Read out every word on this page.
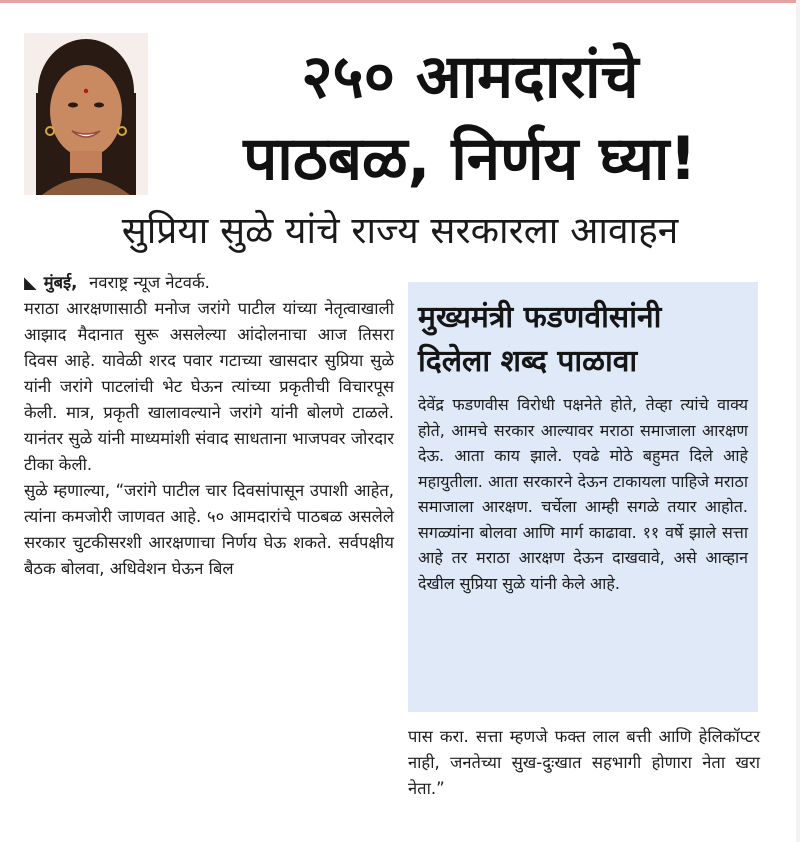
२५० आमदारांचे
पाठबळ, निर्णय घ्या!
सुप्रिया सुळे यांचे राज्य सरकारला आवाहन

◣ मुंबई, नवराष्ट्र न्यूज नेटवर्क.

मराठा आरक्षणासाठी मनोज जरांगे पाटील यांच्या नेतृत्वाखाली आझाद मैदानात सुरू असलेल्या आंदोलनाचा आज तिसरा दिवस आहे. यावेळी शरद पवार गटाच्या खासदार सुप्रिया सुळे यांनी जरांगे पाटलांची भेट घेऊन त्यांच्या प्रकृतीची विचारपूस केली. मात्र, प्रकृती खालावल्याने जरांगे यांनी बोलणे टाळले. यानंतर सुळे यांनी माध्यमांशी संवाद साधताना भाजपवर जोरदार टीका केली.

सुळे म्हणाल्या, “जरांगे पाटील चार दिवसांपासून उपाशी आहेत, त्यांना कमजोरी जाणवत आहे. ५० आमदारांचे पाठबळ असलेले सरकार चुटकीसरशी आरक्षणाचा निर्णय घेऊ शकते. सर्वपक्षीय बैठक बोलवा, अधिवेशन घेऊन बिल

मुख्यमंत्री फडणवीसांनी
दिलेला शब्द पाळावा
देवेंद्र फडणवीस विरोधी पक्षनेते होते, तेव्हा त्यांचे वाक्य होते, आमचे सरकार आल्यावर मराठा समाजाला आरक्षण देऊ. आता काय झाले. एवढे मोठे बहुमत दिले आहे महायुतीला. आता सरकारने देऊन टाकायला पाहिजे मराठा समाजाला आरक्षण. चर्चेला आम्ही सगळे तयार आहोत. सगळ्यांना बोलवा आणि मार्ग काढावा. ११ वर्षे झाले सत्ता आहे तर मराठा आरक्षण देऊन दाखवावे, असे आव्हान देखील सुप्रिया सुळे यांनी केले आहे.
पास करा. सत्ता म्हणजे फक्त लाल बत्ती आणि हेलिकॉप्टर नाही, जनतेच्या सुख-दुःखात सहभागी होणारा नेता खरा नेता.”
